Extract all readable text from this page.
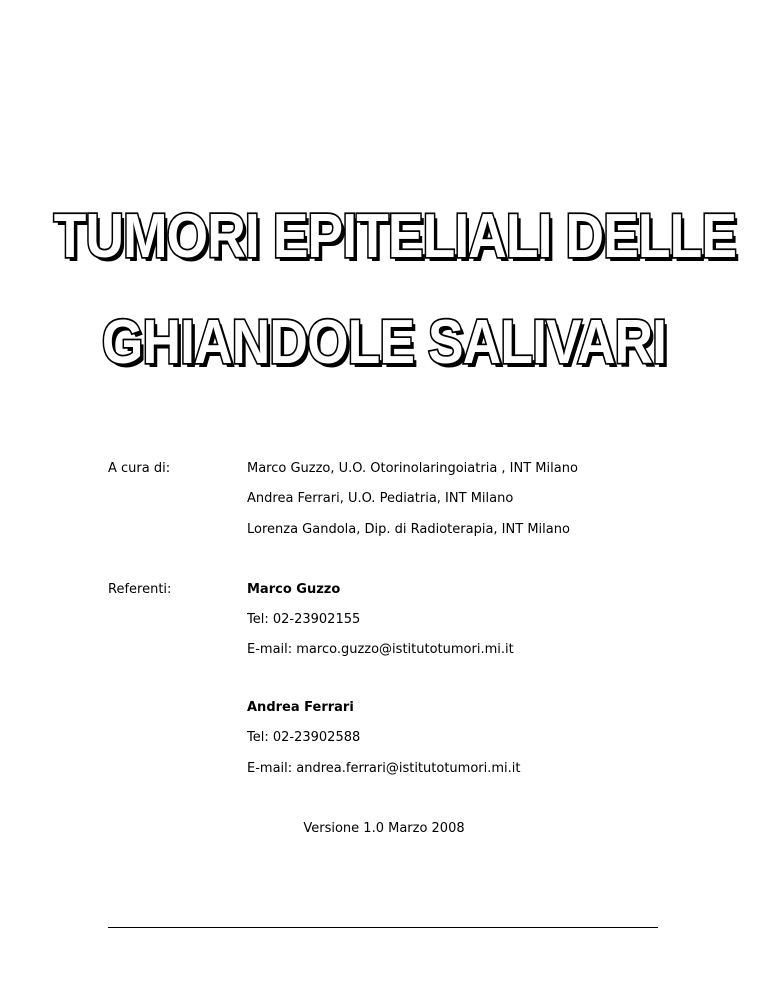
TUMORI EPITELIALI DELLE
GHIANDOLE SALIVARI
A cura di:	Marco Guzzo, U.O. Otorinolaringoiatria , INT Milano
Andrea Ferrari, U.O. Pediatria, INT Milano
Lorenza Gandola, Dip. di Radioterapia, INT Milano
Referenti:	Marco Guzzo
Tel: 02-23902155
E-mail: marco.guzzo@istitutotumori.mi.it
Andrea Ferrari
Tel: 02-23902588
E-mail: andrea.ferrari@istitutotumori.mi.it
Versione 1.0 Marzo 2008
